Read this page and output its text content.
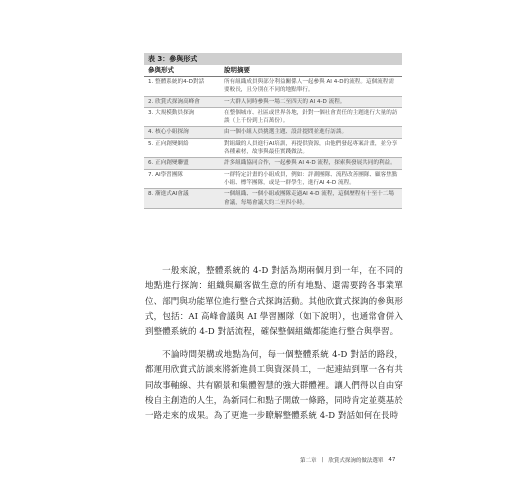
表 3：參與形式
參與形式	說明摘要
1. 整體系統的4-D對話	所有組織成員與部分利益關係人一起參與 AI 4-D的流程。這個流程需要較長，且分別在不同的地點舉行。
2. 欣賞式探詢高峰會	一大群人同時參與一場二至四天的 AI 4-D 流程。
3. 大規模動員探詢	在整個城市、社區或世界各地，針對一個社會責任的主題進行大量的訪談（上千份到上百萬份）。
4. 核心小組探詢	由一個小組人員挑選主題、設計提問並進行訪談。
5. 正向創變網絡	對組織的人員進行AI培訓，再提供資源，由他們發起專案計畫，並分享各種素材，故事與最佳實踐做法。
6. 正向創變聯盟	許多組織協同合作，一起參與 AI 4-D 流程，探索與發展共同的利益。
7. AI學習團隊	一群特定計畫的小組成員，例如：評測團隊、流程改善團隊、顧客焦點小組、標竿團隊，或是一群學生，進行AI 4-D 流程。
8. 漸進式AI會議	一個組織、一個小組或團隊走過AI 4-D 流程，這個歷程有十至十二場會議，每場會議大約二至四小時。
一般來說，整體系統的 4-D 對話為期兩個月到一年，在不同的地點進行探詢：組織與顧客做生意的所有地點、還需要跨各事業單位、部門與功能單位進行整合式探詢活動。其他欣賞式探詢的參與形式，包括：AI 高峰會議與 AI 學習團隊（如下說明），也通常會併入到整體系統的 4-D 對話流程，確保整個組織都能進行整合與學習。
不論時間架構或地點為何，每一個整體系統 4-D 對話的路段，都運用欣賞式訪談來將新進員工與資深員工，一起連結到單一各有共同故事軸線、共有願景和集體智慧的強大群體裡。讓人們得以自由穿梭自主創造的人生，為新同仁和點子開啟一條路，同時肯定並奠基於一路走來的成果。為了更進一步瞭解整體系統 4-D 對話如何在長時
第二章 | 欣賞式探詢的做法選單 47
